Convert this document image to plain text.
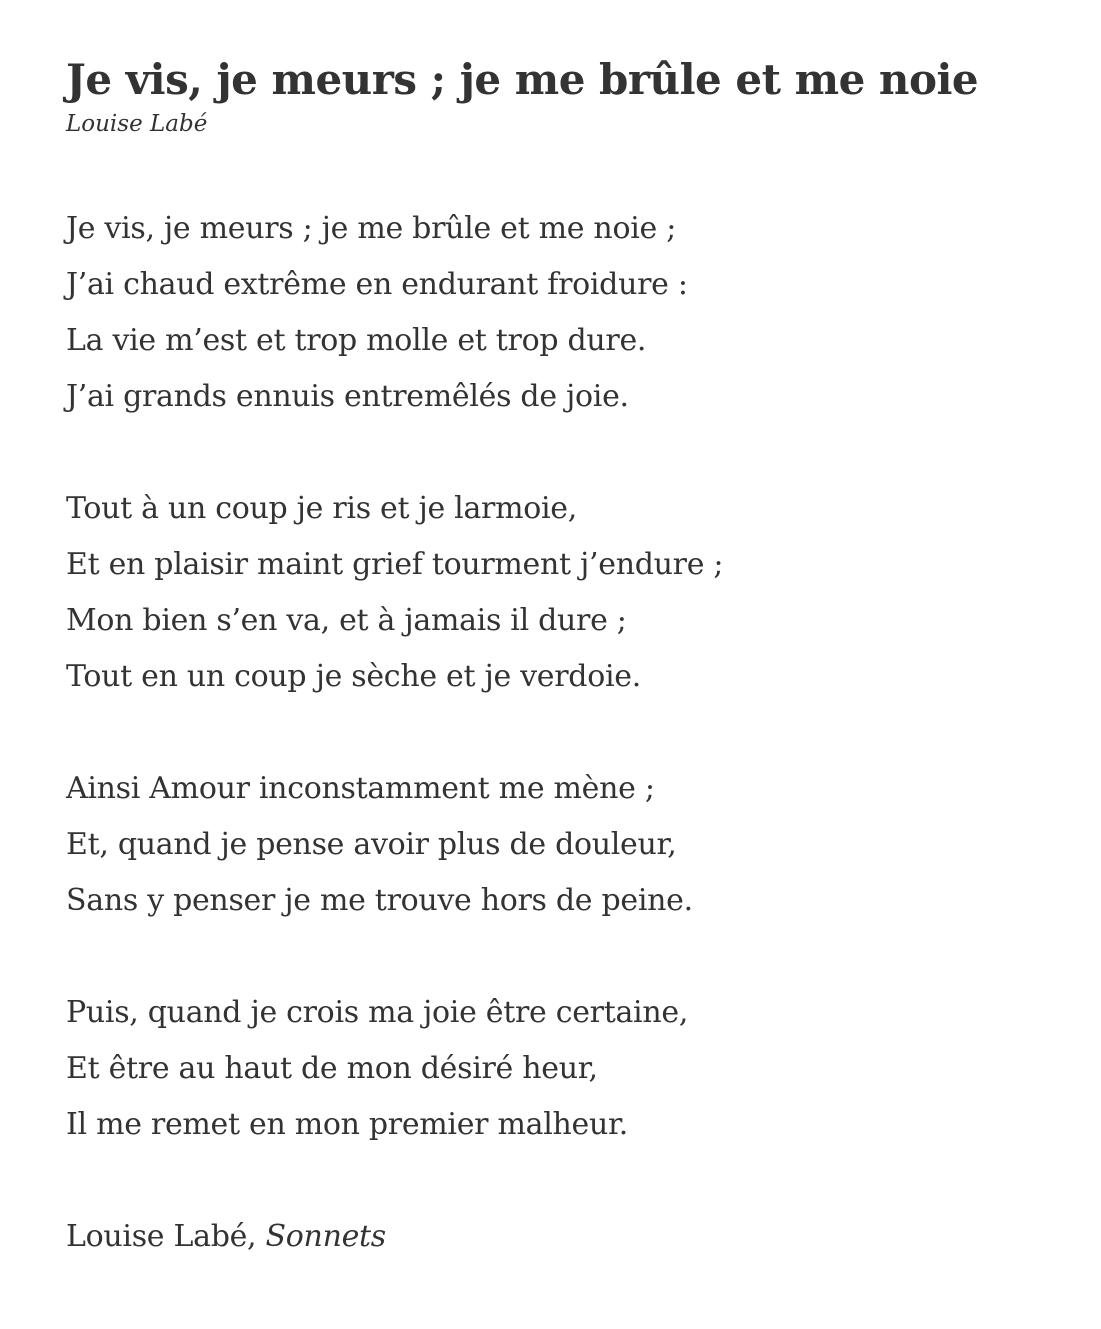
Je vis, je meurs ; je me brûle et me noie
Louise Labé
Je vis, je meurs ; je me brûle et me noie ;
J’ai chaud extrême en endurant froidure :
La vie m’est et trop molle et trop dure.
J’ai grands ennuis entremêlés de joie.
Tout à un coup je ris et je larmoie,
Et en plaisir maint grief tourment j’endure ;
Mon bien s’en va, et à jamais il dure ;
Tout en un coup je sèche et je verdoie.
Ainsi Amour inconstamment me mène ;
Et, quand je pense avoir plus de douleur,
Sans y penser je me trouve hors de peine.
Puis, quand je crois ma joie être certaine,
Et être au haut de mon désiré heur,
Il me remet en mon premier malheur.
Louise Labé, Sonnets
